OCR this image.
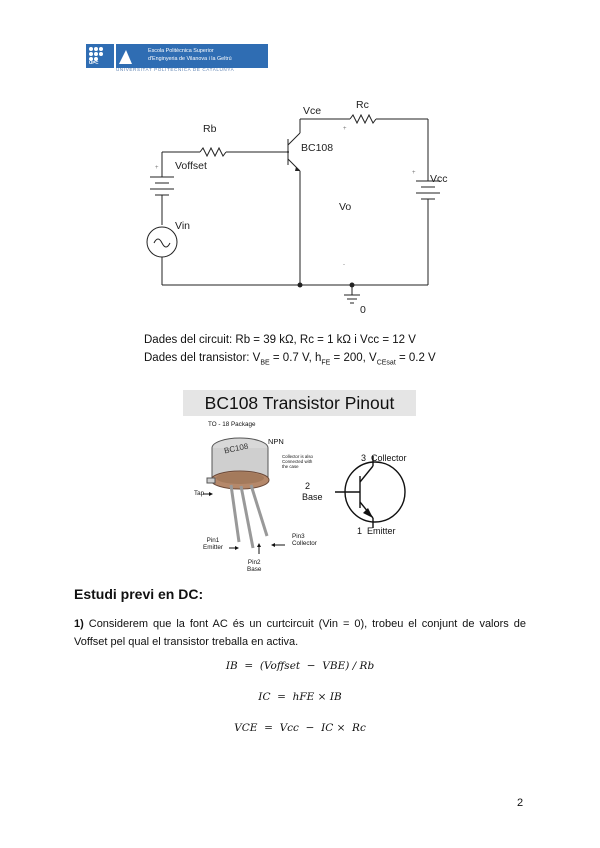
Escola Politècnica Superior
d'Enginyeria de Vilanova i la Geltrú
UPC
UNIVERSITAT POLITÈCNICA DE CATALUNYA
Rb
Rc
Vce
BC108
Voffset
Vin
Vo
Vcc
0
+
-
+
+
Dades del circuit: Rb = 39 kΩ, Rc = 1 kΩ i Vcc = 12 V
Dades del transistor: $V_{BE} = 0.7$ V, $h_{FE} = 200$, $V_{CEsat} = 0.2$ V
BC108 Transistor Pinout
TO - 18 Package
NPN
Collector is also
Connected with
the case
BC108
Tap
Pin1
Emitter
Pin2
Base
Pin3
Collector
3 Collector
2
Base
1 Emitter
Estudi previ en DC:
1) Considerem que la font AC és un curtcircuit (Vin = 0), trobeu el conjunt de valors de Voffset pel qual el transistor treballa en activa.
IB  =  (Voffset  −  VBE) / Rb
IC  =  hFE × IB
VCE  =  Vcc  −  IC ×  Rc
2
